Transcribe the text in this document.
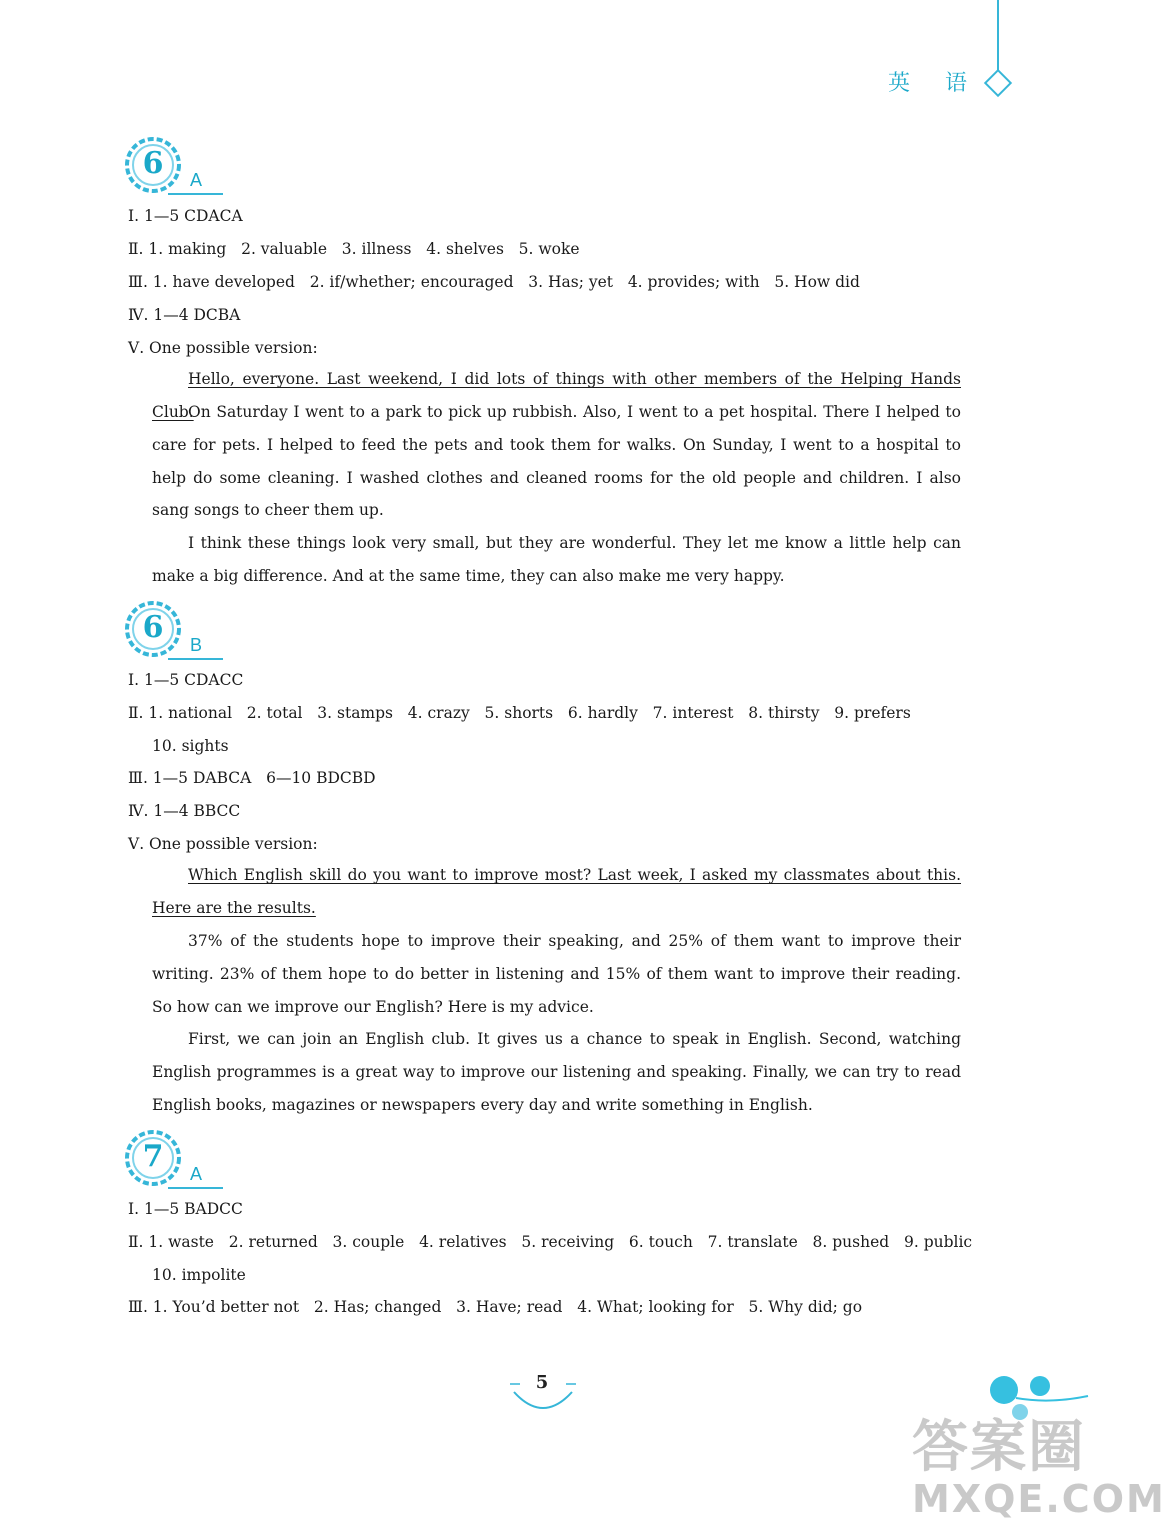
英 语
6	A
Ⅰ. 1—5 CDACA
Ⅱ. 1. making   2. valuable   3. illness   4. shelves   5. woke
Ⅲ. 1. have developed   2. if/whether; encouraged   3. Has; yet   4. provides; with   5. How did
Ⅳ. 1—4 DCBA
Ⅴ. One possible version:
Hello, everyone. Last weekend, I did lots of things with other members of the Helping Hands Club.
On Saturday I went to a park to pick up rubbish. Also, I went to a pet hospital. There I helped to care for pets. I helped to feed the pets and took them for walks. On Sunday, I went to a hospital to help do some cleaning. I washed clothes and cleaned rooms for the old people and children. I also sang songs to cheer them up.
I think these things look very small, but they are wonderful. They let me know a little help can make a big difference. And at the same time, they can also make me very happy.
6	B
Ⅰ. 1—5 CDACC
Ⅱ. 1. national   2. total   3. stamps   4. crazy   5. shorts   6. hardly   7. interest   8. thirsty   9. prefers
10. sights
Ⅲ. 1—5 DABCA   6—10 BDCBD
Ⅳ. 1—4 BBCC
Ⅴ. One possible version:
Which English skill do you want to improve most? Last week, I asked my classmates about this. Here are the results.
37% of the students hope to improve their speaking, and 25% of them want to improve their writing. 23% of them hope to do better in listening and 15% of them want to improve their reading. So how can we improve our English? Here is my advice.
First, we can join an English club. It gives us a chance to speak in English. Second, watching English programmes is a great way to improve our listening and speaking. Finally, we can try to read English books, magazines or newspapers every day and write something in English.
7	A
Ⅰ. 1—5 BADCC
Ⅱ. 1. waste   2. returned   3. couple   4. relatives   5. receiving   6. touch   7. translate   8. pushed   9. public
10. impolite
Ⅲ. 1. You’d better not   2. Has; changed   3. Have; read   4. What; looking for   5. Why did; go
5
答案圈
MXQE.COM
